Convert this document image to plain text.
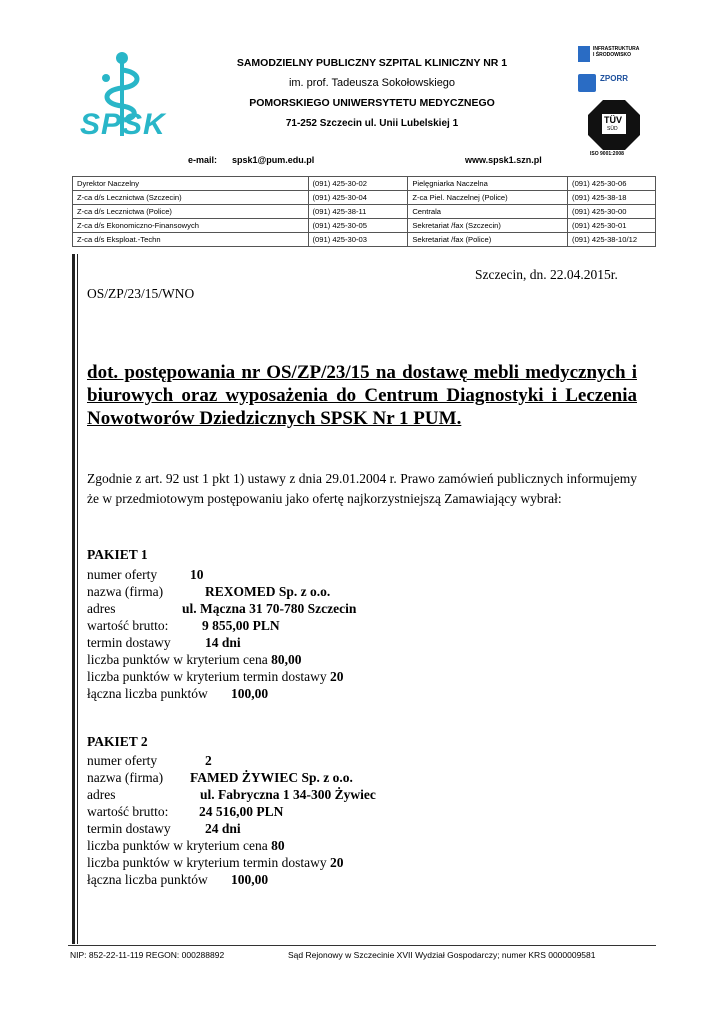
SPSK
SAMODZIELNY PUBLICZNY SZPITAL KLINICZNY NR 1
im. prof. Tadeusza Sokołowskiego
POMORSKIEGO UNIWERSYTETU MEDYCZNEGO
71-252 Szczecin ul. Unii Lubelskiej 1
INFRASTRUKTURA
I ŚRODOWISKO
ZPORR
TÜV
SÜD
ISO 9001:2008
e-mail: spsk1@pum.edu.pl	www.spsk1.szn.pl
Dyrektor Naczelny	(091) 425-30-02	Pielęgniarka Naczelna	(091) 425-30-06
Z-ca d/s Lecznictwa (Szczecin)	(091) 425-30-04	Z-ca Piel. Naczelnej (Police)	(091) 425-38-18
Z-ca d/s Lecznictwa (Police)	(091) 425-38-11	Centrala	(091) 425-30-00
Z-ca d/s Ekonomiczno-Finansowych	(091) 425-30-05	Sekretariat /fax (Szczecin)	(091) 425-30-01
Z-ca d/s Eksploat.-Techn	(091) 425-30-03	Sekretariat /fax (Police)	(091) 425-38-10/12
Szczecin, dn. 22.04.2015r.
OS/ZP/23/15/WNO
dot. postępowania nr OS/ZP/23/15 na dostawę mebli medycznych i biurowych oraz wyposażenia do Centrum Diagnostyki i Leczenia Nowotworów Dziedzicznych SPSK Nr 1 PUM.
Zgodnie z art. 92 ust 1 pkt 1) ustawy z dnia 29.01.2004 r. Prawo zamówień publicznych informujemy że w przedmiotowym postępowaniu jako ofertę najkorzystniejszą Zamawiający wybrał:
PAKIET 1
numer oferty 10
nazwa (firma)	REXOMED Sp. z o.o.
adres	ul. Mączna 31 70-780 Szczecin
wartość brutto: 9 855,00 PLN
termin dostawy	14 dni
liczba punktów w kryterium cena 80,00
liczba punktów w kryterium termin dostawy 20
łączna liczba punktów 100,00
PAKIET 2
numer oferty	2
nazwa (firma) FAMED ŻYWIEC Sp. z o.o.
adres	ul. Fabryczna 1 34-300 Żywiec
wartość brutto: 24 516,00 PLN
termin dostawy	24 dni
liczba punktów w kryterium cena 80
liczba punktów w kryterium termin dostawy 20
łączna liczba punktów 100,00
NIP: 852-22-11-119 REGON: 000288892	Sąd Rejonowy w Szczecinie XVII Wydział Gospodarczy; numer KRS 0000009581
